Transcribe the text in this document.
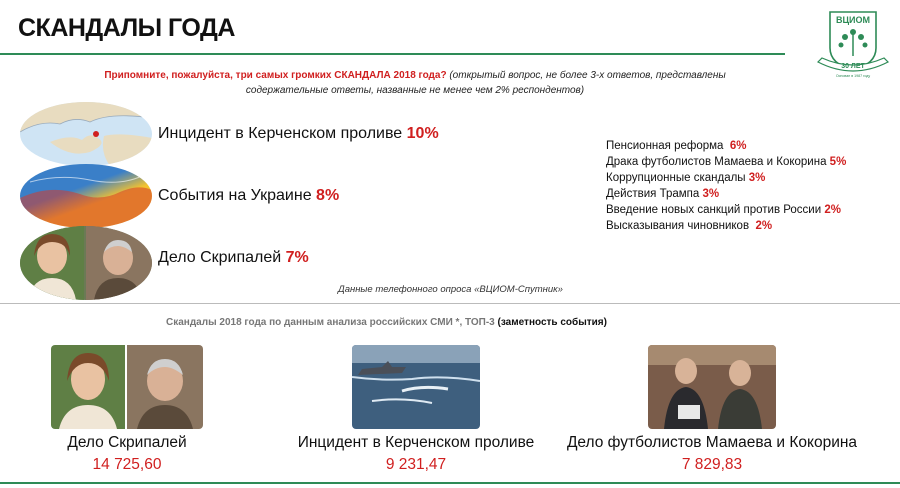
СКАНДАЛЫ ГОДА	ВЦИОМ
30 ЛЕТ
Основан в 1987 году
Припомните, пожалуйста, три самых громких СКАНДАЛА 2018 года? (открытый вопрос, не более 3-х ответов, представлены содержательные ответы, названные не менее чем 2% респондентов)
Инцидент в Керченском проливе 10%
События на Украине 8%
Дело Скрипалей 7%
Пенсионная реформа 6%
Драка футболистов Мамаева и Кокорина 5%
Коррупционные скандалы 3%
Действия Трампа 3%
Введение новых санкций против России 2%
Высказывания чиновников 2%
Данные телефонного опроса «ВЦИОМ-Спутник»
Скандалы 2018 года по данным анализа российских СМИ *, ТОП-3 (заметность события)
Дело Скрипалей
14 725,60
Инцидент в Керченском проливе
9 231,47
Дело футболистов Мамаева и Кокорина
7 829,83
